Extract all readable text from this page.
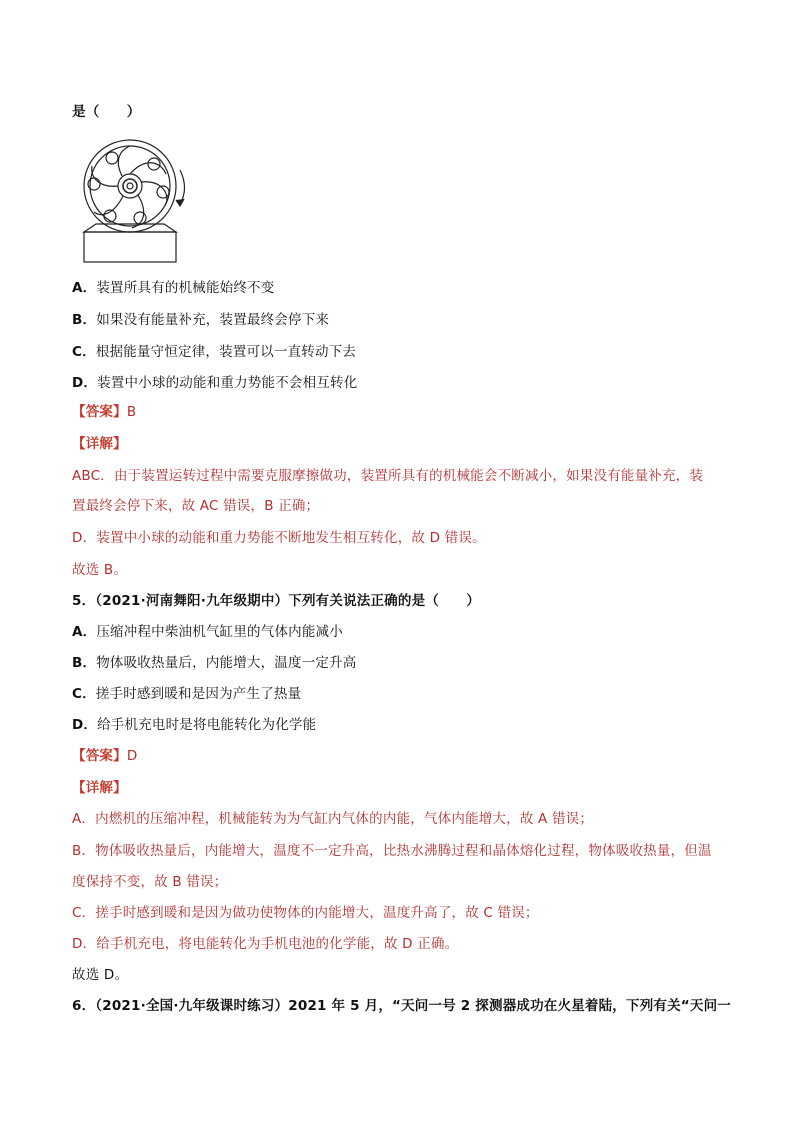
是（　　）
A．装置所具有的机械能始终不变
B．如果没有能量补充，装置最终会停下来
C．根据能量守恒定律，装置可以一直转动下去
D．装置中小球的动能和重力势能不会相互转化
【答案】B
【详解】
ABC．由于装置运转过程中需要克服摩擦做功，装置所具有的机械能会不断减小，如果没有能量补充，装
置最终会停下来，故 AC 错误，B 正确；
D．装置中小球的动能和重力势能不断地发生相互转化，故 D 错误。
故选 B。
5．（2021·河南舞阳·九年级期中）下列有关说法正确的是（　　）
A．压缩冲程中柴油机气缸里的气体内能减小
B．物体吸收热量后，内能增大，温度一定升高
C．搓手时感到暖和是因为产生了热量
D．给手机充电时是将电能转化为化学能
【答案】D
【详解】
A．内燃机的压缩冲程，机械能转为为气缸内气体的内能，气体内能增大，故 A 错误；
B．物体吸收热量后，内能增大，温度不一定升高，比热水沸腾过程和晶体熔化过程，物体吸收热量，但温
度保持不变，故 B 错误；
C．搓手时感到暖和是因为做功使物体的内能增大，温度升高了，故 C 错误；
D．给手机充电，将电能转化为手机电池的化学能，故 D 正确。
故选 D。
6．（2021·全国·九年级课时练习）2021 年 5 月，“天问一号 2 探测器成功在火星着陆，下列有关“天问一
